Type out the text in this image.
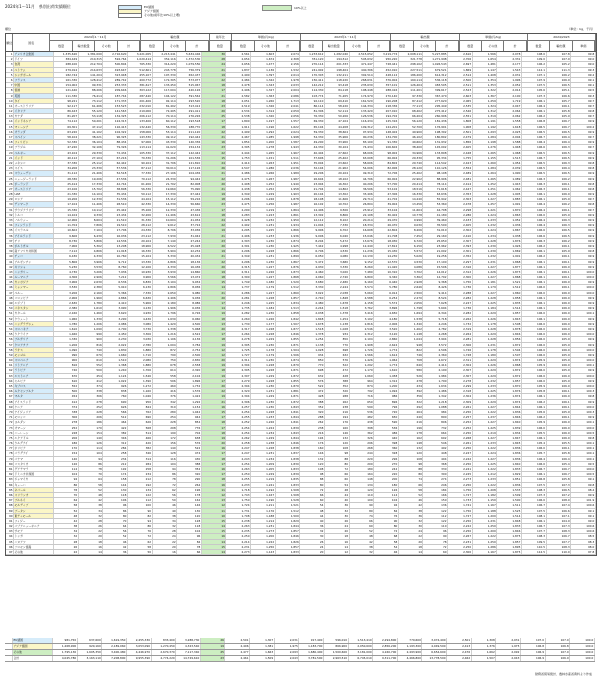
2024年1〜11月　県別出荷実績順位	EU諸国
アジア諸国
その他(前年比10%以上増)
10%以上
順位	（単位：kg、千円）
順位	国名
2024年1〜11月
数量	輸出数量	その他	計
輸出額
数量	その他	計
前年比
数量
単価(円/kg)
数量	その他	計
2023年1〜11月
数量	輸出数量	その他	計
輸出額
数量	その他	計
単価(円/kg)
数量	その他	計
2024/2023
数量	輸出額	単価
1 アメリカ合衆国	1,335,620	1,381,000	2,716,620	3,421,005	2,213,441	5,634,446	30	2,561	1,603	2,074	1,233,612	1,282,040	2,515,652	3,219,774	2,008,111	5,227,885	2,610	1,566	2,078	108.0	107.8	99.8
2 ドイツ	384,449	210,315	594,764	1,020,414	352,116	1,372,530	28	2,654	1,674	2,308	351,120	194,512	545,632	950,220	321,778	1,271,998	2,706	1,654	2,331	109.0	107.9	99.0
3 台湾	288,100	212,704	500,804	765,330	314,220	1,079,550	24	2,656	1,477	2,156	270,114	201,333	471,447	728,441	298,102	1,026,543	2,697	1,481	2,177	106.2	105.2	99.0
4 ベトナム	279,014	214,633	493,647	512,601	243,778	756,379	21	1,837	1,136	1,532	241,902	198,404	440,306	452,010	227,511	679,521	1,869	1,147	1,543	112.1	111.3	99.3
5 シンガポール	182,744	141,204	323,948	455,107	197,330	652,437	19	2,490	1,397	2,014	170,303	132,211	302,514	428,112	186,200	614,312	2,514	1,408	2,031	107.1	106.2	99.2
6 フランス	161,330	128,412	289,742	400,772	172,305	573,077	22	2,484	1,342	1,978	150,411	118,220	268,631	376,004	160,114	536,118	2,500	1,354	1,996	107.9	106.9	99.1
7 中国	154,002	99,331	253,333	381,617	133,450	515,067	18	2,478	1,343	2,033	142,212	93,418	235,630	357,101	126,404	483,505	2,511	1,353	2,052	107.5	106.5	99.1
8 香港	121,440	88,206	209,646	303,122	117,004	420,126	17	2,496	1,327	2,004	114,330	84,118	198,448	288,416	111,201	399,617	2,523	1,322	2,014	105.6	105.1	99.5
9 英国	111,330	76,414	187,744	287,440	104,122	391,562	21	2,582	1,363	2,086	103,774	71,205	174,979	270,140	97,330	367,470	2,603	1,367	2,100	107.3	106.6	99.3
10 タイ	98,221	73,112	171,333	201,406	92,114	293,520	18	2,051	1,260	1,713	92,110	69,410	161,520	190,208	87,412	277,620	2,065	1,259	1,719	106.1	105.7	99.7
11 オーストラリア	92,117	61,406	153,523	232,010	81,402	313,412	23	2,519	1,326	2,041	86,114	58,220	144,334	218,336	77,113	295,449	2,535	1,324	2,047	106.4	106.1	99.7
12 イタリア	86,443	55,120	141,563	219,006	72,405	291,411	20	2,534	1,314	2,059	81,306	52,114	133,420	207,010	68,402	275,412	2,546	1,312	2,064	106.1	105.8	99.8
13 カナダ	81,207	53,118	134,325	206,112	70,114	276,226	25	2,538	1,320	2,056	76,330	50,206	126,536	194,702	66,204	260,906	2,551	1,319	2,062	106.2	105.9	99.7
14 インドネシア	74,112	50,201	124,313	133,406	60,112	193,518	17	1,800	1,197	1,557	69,330	47,104	116,434	125,316	56,120	181,436	1,808	1,191	1,558	106.8	106.7	99.9
15 マレーシア	69,301	47,112	116,413	132,440	56,330	188,770	18	1,911	1,196	1,622	65,104	44,208	109,312	124,201	52,700	176,901	1,908	1,192	1,618	106.5	106.7	100.2
16 オランダ	63,220	41,102	104,322	158,006	53,114	211,120	22	2,499	1,292	2,024	59,330	38,604	97,934	148,402	49,900	198,302	2,501	1,293	2,025	106.5	106.5	99.9
17 スペイン	58,104	38,221	96,325	143,330	49,112	192,442	21	2,467	1,285	1,998	54,330	35,906	90,236	134,700	46,102	180,802	2,479	1,284	2,004	106.7	106.4	99.7
18 フィリピン	52,330	36,104	88,434	97,006	43,330	140,336	16	1,854	1,200	1,587	49,200	33,900	83,100	91,330	40,602	131,932	1,856	1,198	1,588	106.4	106.4	99.9
19 ブラジル	47,220	32,106	79,326	113,114	41,020	154,134	23	2,395	1,278	1,943	44,330	30,104	74,434	106,602	38,400	145,002	2,405	1,276	1,948	106.6	106.3	99.7
20 ベルギー	43,104	29,330	72,434	105,330	37,112	142,442	22	2,444	1,265	1,967	40,404	27,602	68,006	98,902	34,906	133,808	2,448	1,265	1,968	106.5	106.5	99.9
21 インド	40,112	27,104	67,216	70,330	31,206	101,536	15	1,753	1,151	1,511	37,606	25,402	63,008	66,004	29,330	95,334	1,755	1,155	1,513	106.7	106.5	99.9
22 メキシコ	37,330	25,112	62,442	90,104	31,706	121,810	24	2,414	1,263	1,951	35,004	23,602	58,606	84,802	29,740	114,542	2,423	1,260	1,954	106.5	106.3	99.8
23 スイス	34,206	23,330	57,536	87,112	30,014	117,126	26	2,547	1,286	2,036	32,104	21,902	54,006	82,006	28,120	110,126	2,554	1,284	2,039	106.5	106.4	99.8
24 スウェーデン	31,112	21,406	52,518	77,330	27,106	104,436	21	2,486	1,266	1,989	29,206	20,104	49,310	72,706	25,402	98,108	2,489	1,264	1,990	106.5	106.5	99.9
25 ニュージーランド	28,330	19,206	47,536	70,112	24,330	94,442	22	2,475	1,267	1,987	26,604	18,102	44,706	66,004	22,902	88,906	2,481	1,265	1,989	106.3	106.2	99.9
26 ポーランド	25,414	17,330	42,744	61,206	21,702	82,908	20	2,408	1,252	1,940	23,904	16,302	40,206	57,700	20,414	78,114	2,414	1,252	1,943	106.3	106.1	99.8
27 オーストリア	23,106	15,702	38,808	56,330	19,660	75,990	21	2,438	1,252	1,958	21,704	14,802	36,506	53,102	18,516	71,618	2,447	1,251	1,962	106.3	106.1	99.8
28 UAE	21,330	14,104	35,434	50,112	17,330	67,442	19	2,349	1,229	1,903	20,104	13,302	33,406	47,306	16,330	63,636	2,353	1,228	1,905	106.1	106.0	99.9
29 ロシア	19,206	12,330	31,536	44,104	15,112	59,216	18	2,296	1,226	1,878	18,108	11,606	29,714	41,702	14,240	55,942	2,303	1,227	1,883	106.1	105.9	99.7
30 デンマーク	17,104	11,406	28,510	42,330	14,330	56,660	23	2,475	1,256	1,987	16,102	10,702	26,804	39,904	13,456	53,360	2,478	1,257	1,991	106.4	106.2	99.8
31 サウジアラビア	15,330	10,112	25,442	35,106	12,330	47,436	17	2,290	1,219	1,864	14,406	9,506	23,912	33,104	11,604	44,708	2,298	1,221	1,870	106.4	106.1	99.7
32 トルコ	14,104	9,330	23,434	32,206	11,406	43,612	18	2,283	1,223	1,861	13,302	8,806	22,108	30,402	10,778	41,180	2,286	1,224	1,863	106.0	105.9	99.9
33 ノルウェー	12,906	8,604	21,510	31,330	10,604	41,934	24	2,428	1,232	1,950	12,112	8,102	20,214	29,470	9,990	39,460	2,433	1,233	1,952	106.4	106.3	99.9
34 フィンランド	11,704	7,806	19,510	28,112	9,612	37,724	22	2,402	1,231	1,934	11,004	7,330	18,334	26,470	9,030	35,500	2,405	1,232	1,936	106.4	106.3	99.9
35 イスラエル	10,602	7,104	17,706	24,330	8,706	33,036	19	2,295	1,225	1,866	9,906	6,702	16,608	22,804	8,206	31,010	2,302	1,224	1,867	106.6	106.5	99.9
36 アイルランド	9,606	6,430	16,036	23,112	7,930	31,042	21	2,406	1,233	1,936	9,006	6,040	15,046	21,708	7,452	29,160	2,410	1,234	1,938	106.6	106.5	99.9
37 チリ	8,730	5,806	14,536	20,104	7,140	27,244	23	2,303	1,230	1,874	8,204	5,472	13,676	18,930	6,720	25,650	2,307	1,228	1,876	106.3	106.2	99.9
38 ポルトガル	7,906	5,302	13,208	18,906	6,522	25,428	20	2,391	1,230	1,925	7,442	4,998	12,440	17,812	6,150	23,962	2,393	1,230	1,926	106.2	106.1	99.9
39 南アフリカ共和国	7,112	4,806	11,918	16,330	5,904	22,234	19	2,296	1,228	1,866	6,706	4,530	11,236	15,430	5,572	21,002	2,301	1,230	1,869	106.1	105.9	99.8
40 チェコ	6,430	4,330	10,760	15,104	5,330	20,434	21	2,349	1,231	1,899	6,050	4,080	10,130	14,230	5,026	19,256	2,352	1,232	1,901	106.2	106.1	99.9
41 アルゼンチン	5,806	3,906	9,712	13,330	4,806	18,136	22	2,296	1,230	1,867	5,472	3,680	9,152	12,570	4,530	17,100	2,297	1,231	1,868	106.1	106.1	99.9
42 ギリシャ	5,230	3,530	8,760	12,106	4,330	16,436	20	2,315	1,227	1,876	4,930	3,330	8,260	11,420	4,086	15,506	2,316	1,227	1,877	106.1	106.0	99.9
43 ハンガリー	4,730	3,206	7,936	10,930	3,930	14,860	19	2,311	1,226	1,873	4,460	3,020	7,480	10,310	3,702	14,012	2,312	1,226	1,873	106.1	106.1	100.0
44 ルーマニア	4,306	2,906	7,212	9,906	3,566	13,472	18	2,300	1,227	1,868	4,060	2,740	6,800	9,340	3,362	12,702	2,300	1,227	1,868	106.1	106.1	100.0
45 カンボジア	3,906	2,630	6,536	6,830	3,104	9,934	15	1,749	1,180	1,520	3,680	2,480	6,160	6,440	2,928	9,368	1,750	1,181	1,521	106.1	106.0	99.9
46 ミャンマー	3,530	2,380	5,910	6,130	2,806	8,936	14	1,737	1,179	1,512	3,330	2,244	5,574	5,780	2,646	8,426	1,736	1,179	1,512	106.0	106.1	100.0
47 ペルー	3,206	2,160	5,366	7,330	2,650	9,980	21	2,286	1,227	1,860	3,022	2,038	5,060	6,914	2,500	9,414	2,288	1,227	1,860	106.0	106.0	100.0
48 コロンビア	2,906	1,960	4,866	6,630	2,406	9,036	20	2,281	1,228	1,857	2,740	1,848	4,588	6,254	2,270	8,524	2,282	1,228	1,858	106.1	106.0	99.9
49 エジプト	2,630	1,780	4,410	5,906	2,180	8,086	17	2,246	1,225	1,834	2,480	1,678	4,158	5,572	2,056	7,628	2,247	1,225	1,835	106.1	106.0	99.9
50 パキスタン	2,380	1,610	3,990	4,130	1,906	6,036	14	1,735	1,184	1,513	2,244	1,518	3,762	3,896	1,798	5,694	1,736	1,184	1,514	106.1	106.0	99.9
51 カタール	2,160	1,460	3,620	4,930	1,796	6,726	19	2,282	1,230	1,858	2,038	1,378	3,416	4,650	1,694	6,344	2,282	1,229	1,857	106.0	106.0	100.1
52 クウェート	1,960	1,330	3,290	4,430	1,630	6,060	18	2,260	1,226	1,842	1,848	1,254	3,102	4,180	1,538	5,718	2,262	1,226	1,843	106.1	106.0	99.9
53 バングラデシュ	1,780	1,206	2,986	3,080	1,420	4,500	13	1,730	1,177	1,507	1,678	1,138	2,816	2,906	1,340	4,246	1,732	1,178	1,508	106.0	106.0	99.9
54 スロバキア	1,610	1,090	2,700	3,730	1,338	5,068	20	2,317	1,228	1,877	1,518	1,028	2,546	3,520	1,262	4,782	2,319	1,228	1,878	106.0	106.0	99.9
55 ウクライナ	1,460	990	2,450	3,306	1,216	4,522	17	2,264	1,228	1,846	1,378	934	2,312	3,120	1,148	4,268	2,264	1,229	1,846	106.0	106.0	100.0
56 ブルガリア	1,330	900	2,230	3,030	1,106	4,136	18	2,278	1,229	1,855	1,254	850	2,104	2,860	1,044	3,904	2,281	1,228	1,856	106.0	105.9	99.9
57 クロアチア	1,206	816	2,022	2,780	1,004	3,784	19	2,305	1,230	1,871	1,138	770	1,908	2,624	948	3,572	2,306	1,231	1,872	106.0	105.9	99.9
58 ラオス	1,090	740	1,830	1,880	872	2,752	12	1,725	1,178	1,504	1,028	698	1,726	1,774	822	2,596	1,726	1,178	1,504	106.0	106.0	100.0
59 モンゴル	990	670	1,660	1,710	790	2,500	12	1,727	1,179	1,506	934	632	1,566	1,614	746	2,360	1,728	1,180	1,507	106.0	105.9	99.9
60 スロベニア	900	610	1,510	2,080	750	2,830	20	2,311	1,230	1,874	850	576	1,426	1,964	708	2,672	2,311	1,229	1,874	105.9	105.9	100.0
61 リトアニア	816	552	1,368	1,880	678	2,558	19	2,304	1,228	1,870	770	522	1,292	1,774	640	2,414	2,304	1,226	1,868	105.9	106.0	100.1
62 ラトビア	740	500	1,240	1,706	614	2,320	18	2,305	1,228	1,871	698	472	1,170	1,610	580	2,190	2,307	1,229	1,872	106.0	105.9	99.9
63 エストニア	670	454	1,124	1,546	558	2,104	19	2,307	1,229	1,872	632	428	1,060	1,458	526	1,984	2,307	1,229	1,872	106.0	106.0	100.0
64 セルビア	610	412	1,022	1,390	506	1,896	17	2,279	1,228	1,855	576	388	964	1,312	478	1,790	2,278	1,232	1,857	106.0	105.9	99.9
65 キプロス	552	374	926	1,272	460	1,732	20	2,304	1,230	1,870	522	352	874	1,200	434	1,634	2,299	1,233	1,870	105.9	106.0	100.0
66 ルクセンブルク	500	338	838	1,160	416	1,576	22	2,320	1,231	1,881	472	320	792	1,094	392	1,486	2,318	1,225	1,876	105.8	106.1	100.3
67 マルタ	454	306	760	1,046	376	1,422	19	2,304	1,229	1,871	428	288	716	986	356	1,342	2,304	1,236	1,874	106.1	106.0	99.8
68 アイスランド	412	278	690	950	342	1,292	21	2,306	1,230	1,872	388	262	650	896	322	1,218	2,309	1,229	1,874	106.2	106.1	99.9
69 ケニア	374	252	626	844	310	1,154	16	2,257	1,230	1,843	352	238	590	796	292	1,088	2,261	1,227	1,844	106.1	106.1	100.0
70 ナイジェリア	338	228	566	762	280	1,042	15	2,254	1,228	1,841	320	216	536	720	264	984	2,250	1,222	1,836	105.6	105.9	100.3
71 モロッコ	306	206	512	690	254	944	17	2,255	1,233	1,844	288	194	482	650	240	890	2,257	1,237	1,846	106.2	106.1	99.9
72 ヨルダン	278	186	464	626	228	854	18	2,252	1,226	1,841	262	176	438	590	216	806	2,252	1,227	1,840	105.9	106.0	100.1
73 オマーン	252	170	422	568	208	776	17	2,254	1,224	1,839	238	160	398	536	196	732	2,252	1,225	1,839	106.0	106.0	100.0
74 バーレーン	228	154	382	514	190	704	18	2,254	1,234	1,843	216	146	362	486	178	664	2,250	1,219	1,834	105.5	106.0	100.5
75 エクアドル	206	140	346	466	172	638	19	2,262	1,229	1,844	194	132	326	440	162	602	2,268	1,227	1,847	106.1	106.0	99.8
76 ウルグアイ	186	126	312	420	156	576	20	2,258	1,238	1,846	176	120	296	398	148	546	2,261	1,233	1,845	105.4	105.5	100.1
77 ボリビア	170	114	284	382	140	522	16	2,247	1,228	1,838	160	108	268	360	132	492	2,250	1,222	1,836	106.0	106.1	100.1
78 パラグアイ	154	104	258	346	128	474	17	2,247	1,231	1,837	146	98	244	328	120	448	2,247	1,224	1,836	105.7	105.8	100.1
79 パナマ	140	94	234	314	116	430	18	2,243	1,234	1,838	132	88	220	296	108	404	2,242	1,227	1,836	106.4	106.4	100.1
80 コスタリカ	126	86	212	284	104	388	17	2,254	1,209	1,830	120	80	200	270	98	368	2,250	1,225	1,840	106.0	105.4	99.5
81 グアテマラ	114	78	192	258	94	352	16	2,263	1,205	1,833	108	72	180	242	88	330	2,241	1,222	1,833	106.7	106.7	100.0
82 ドミニカ共和国	104	70	174	234	86	320	17	2,250	1,229	1,839	98	66	164	220	80	300	2,245	1,212	1,829	106.1	106.7	100.5
83 ジャマイカ	94	64	158	212	78	290	18	2,255	1,219	1,835	88	60	148	200	74	274	2,273	1,233	1,851	106.8	105.8	99.1
84 キューバ	86	58	144	192	72	264	16	2,233	1,241	1,833	80	54	134	180	66	246	2,250	1,222	1,836	107.5	107.3	99.8
85 ネパール	78	52	130	134	62	196	11	1,718	1,192	1,508	72	48	120	126	58	184	1,750	1,208	1,533	108.3	106.5	98.4
86 スリランカ	70	48	118	122	56	178	12	1,743	1,167	1,508	66	44	110	114	52	166	1,727	1,182	1,509	107.3	107.2	99.9
87 ブルネイ	64	42	106	112	50	162	13	1,750	1,190	1,528	60	40	100	104	46	150	1,733	1,150	1,500	106.0	108.0	101.9
88 モルディブ	58	38	96	100	46	146	12	1,724	1,211	1,521	54	36	90	94	42	136	1,741	1,167	1,511	106.7	107.4	100.6
89 ブータン	52	34	86	90	40	130	11	1,731	1,176	1,512	48	32	80	84	38	122	1,750	1,188	1,525	107.5	106.6	99.1
90 東ティモール	48	32	80	82	38	120	10	1,708	1,188	1,500	44	30	74	76	36	112	1,727	1,200	1,514	108.1	107.1	99.1
91 フィジー	42	28	70	94	34	128	15	2,238	1,214	1,829	40	26	66	90	32	122	2,250	1,231	1,848	106.1	104.9	99.0
92 パプアニューギニア	38	26	64	86	32	118	14	2,263	1,231	1,844	36	24	60	80	30	110	2,222	1,250	1,833	106.7	107.3	100.6
93 サモア	34	22	56	76	28	104	15	2,235	1,273	1,857	32	20	52	72	24	96	2,250	1,200	1,846	107.7	108.3	100.6
94 トンガ	32	20	52	72	24	96	16	2,250	1,200	1,846	30	18	48	68	22	90	2,267	1,222	1,875	108.3	106.7	98.5
95 バヌアツ	28	18	46	62	22	84	14	2,214	1,222	1,826	26	16	42	58	20	78	2,231	1,250	1,857	109.5	107.7	98.3
96 ソロモン諸島	26	16	42	58	20	78	15	2,231	1,250	1,857	24	14	38	54	18	72	2,250	1,286	1,895	110.5	108.3	98.0
97 その他	22	14	36	50	16	66	14	2,273	1,143	1,833	20	12	32	46	14	60	2,300	1,167	1,875	112.5	110.0	97.8
EU諸国	981,750	637,600	1,619,350	2,455,330	833,400	3,288,730	26	2,501	1,307	2,031	917,400	596,010	1,513,410	2,294,800	779,600	3,074,400	2,501	1,308	2,031	107.0	107.0	100.0
アジア諸国	1,268,900	920,160	2,189,060	3,053,090	1,270,450	4,323,540	19	2,406	1,381	1,975	1,183,700	866,900	2,050,600	2,856,200	1,193,300	4,049,500	2,413	1,376	1,975	106.8	106.8	100.0
その他	1,795,130	1,605,350	3,400,480	4,446,970	2,670,370	7,117,340	25	2,477	1,663	2,093	1,680,400	1,500,600	3,181,000	4,160,700	2,493,900	6,654,600	2,476	1,662	2,092	106.9	107.0	100.0
合計	4,045,780	3,163,110	7,208,890	9,955,390	4,774,220	14,729,610	23	2,461	1,509	2,043	3,781,500	2,963,510	6,745,010	9,311,700	4,466,800	13,778,500	2,462	1,507	2,043	106.9	106.9	100.0
財務省貿易統計、農林水産省資料より作成
